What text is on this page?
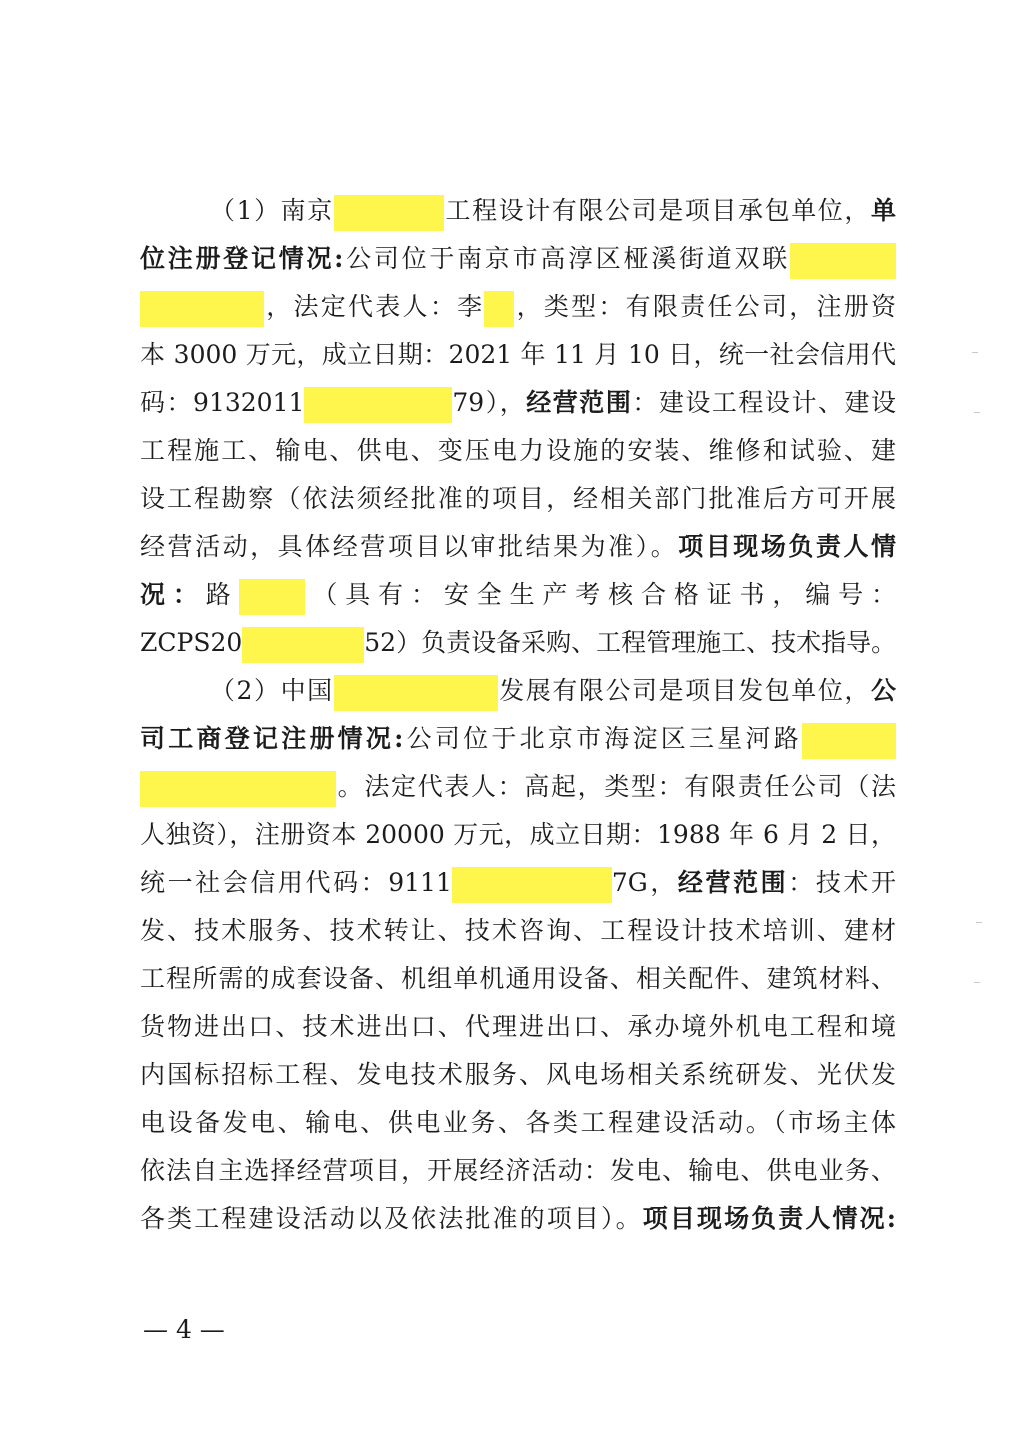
（1）南京	工程设计有限公司是项目承包单位，单
位注册登记情况:公司位于南京市高淳区桠溪街道双联
，法定代表人：李 ，类型：有限责任公司，注册资
本 3000 万元，成立日期：2021 年 11 月 10 日，统一社会信用代
码：9132011	79），经营范围：建设工程设计、建设
工程施工、输电、供电、变压电力设施的安装、维修和试验、建
设工程勘察（依法须经批准的项目，经相关部门批准后方可开展
经营活动，具体经营项目以审批结果为准）。项目现场负责人情
况：路	（具有：安全生产考核合格证书，编号：
ZCPS20	52）负责设备采购、工程管理施工、技术指导。
（2）中国	发展有限公司是项目发包单位，公
司工商登记注册情况:公司位于北京市海淀区三星河路
。法定代表人：高起，类型：有限责任公司（法
人独资），注册资本 20000 万元，成立日期：1988 年 6 月 2 日，
统一社会信用代码：9111	7G，经营范围：技术开
发、技术服务、技术转让、技术咨询、工程设计技术培训、建材
工程所需的成套设备、机组单机通用设备、相关配件、建筑材料、
货物进出口、技术进出口、代理进出口、承办境外机电工程和境
内国标招标工程、发电技术服务、风电场相关系统研发、光伏发
电设备发电、输电、供电业务、各类工程建设活动。（市场主体
依法自主选择经营项目，开展经济活动：发电、输电、供电业务、
各类工程建设活动以及依法批准的项目）。项目现场负责人情况:
— 4 —
